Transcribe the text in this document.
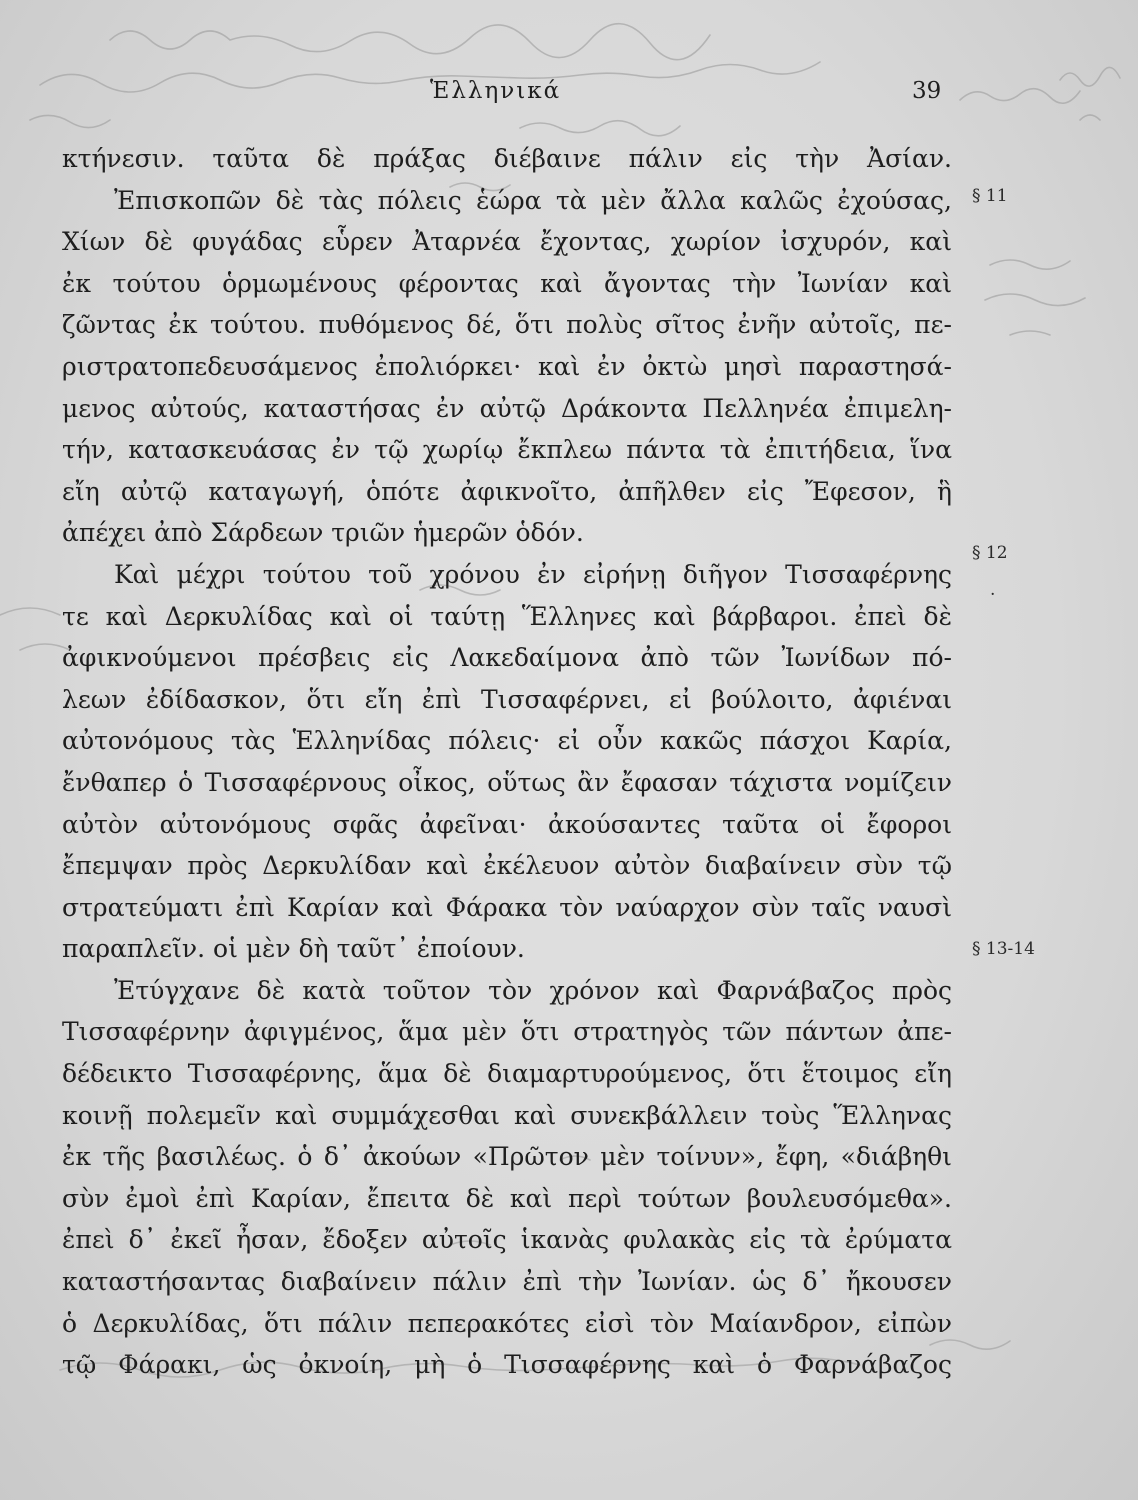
Ἑλληνικά	39
κτήνεσιν. ταῦτα δὲ πράξας διέβαινε πάλιν εἰς τὴν Ἀσίαν.
Ἐπισκοπῶν δὲ τὰς πόλεις ἑώρα τὰ μὲν ἄλλα καλῶς ἐχούσας,
Χίων δὲ φυγάδας εὗρεν Ἀταρνέα ἔχοντας, χωρίον ἰσχυρόν, καὶ
ἐκ τούτου ὁρμωμένους φέροντας καὶ ἄγοντας τὴν Ἰωνίαν καὶ
ζῶντας ἐκ τούτου. πυθόμενος δέ, ὅτι πολὺς σῖτος ἐνῆν αὐτοῖς, πε-
ριστρατοπεδευσάμενος ἐπολιόρκει· καὶ ἐν ὀκτὼ μησὶ παραστησά-
μενος αὐτούς, καταστήσας ἐν αὐτῷ Δράκοντα Πελληνέα ἐπιμελη-
τήν, κατασκευάσας ἐν τῷ χωρίῳ ἔκπλεω πάντα τὰ ἐπιτήδεια, ἵνα
εἴη αὐτῷ καταγωγή, ὁπότε ἀφικνοῖτο, ἀπῆλθεν εἰς Ἔφεσον, ἣ
ἀπέχει ἀπὸ Σάρδεων τριῶν ἡμερῶν ὁδόν.
Καὶ μέχρι τούτου τοῦ χρόνου ἐν εἰρήνῃ διῆγον Τισσαφέρνης
τε καὶ Δερκυλίδας καὶ οἱ ταύτῃ Ἕλληνες καὶ βάρβαροι. ἐπεὶ δὲ
ἀφικνούμενοι πρέσβεις εἰς Λακεδαίμονα ἀπὸ τῶν Ἰωνίδων πό-
λεων ἐδίδασκον, ὅτι εἴη ἐπὶ Τισσαφέρνει, εἰ βούλοιτο, ἀφιέναι
αὐτονόμους τὰς Ἑλληνίδας πόλεις· εἰ οὖν κακῶς πάσχοι Καρία,
ἔνθαπερ ὁ Τισσαφέρνους οἶκος, οὕτως ἂν ἔφασαν τάχιστα νομίζειν
αὐτὸν αὐτονόμους σφᾶς ἀφεῖναι· ἀκούσαντες ταῦτα οἱ ἔφοροι
ἔπεμψαν πρὸς Δερκυλίδαν καὶ ἐκέλευον αὐτὸν διαβαίνειν σὺν τῷ
στρατεύματι ἐπὶ Καρίαν καὶ Φάρακα τὸν ναύαρχον σὺν ταῖς ναυσὶ
παραπλεῖν. οἱ μὲν δὴ ταῦτ᾽ ἐποίουν.
Ἐτύγχανε δὲ κατὰ τοῦτον τὸν χρόνον καὶ Φαρνάβαζος πρὸς
Τισσαφέρνην ἀφιγμένος, ἅμα μὲν ὅτι στρατηγὸς τῶν πάντων ἀπε-
δέδεικτο Τισσαφέρνης, ἅμα δὲ διαμαρτυρούμενος, ὅτι ἕτοιμος εἴη
κοινῇ πολεμεῖν καὶ συμμάχεσθαι καὶ συνεκβάλλειν τοὺς Ἕλληνας
ἐκ τῆς βασιλέως. ὁ δ᾽ ἀκούων «Πρῶτον μὲν τοίνυν», ἔφη, «διάβηθι
σὺν ἐμοὶ ἐπὶ Καρίαν, ἔπειτα δὲ καὶ περὶ τούτων βουλευσόμεθα».
ἐπεὶ δ᾽ ἐκεῖ ἦσαν, ἔδοξεν αὐτοῖς ἱκανὰς φυλακὰς εἰς τὰ ἐρύματα
καταστήσαντας διαβαίνειν πάλιν ἐπὶ τὴν Ἰωνίαν. ὡς δ᾽ ἤκουσεν
ὁ Δερκυλίδας, ὅτι πάλιν πεπερακότες εἰσὶ τὸν Μαίανδρον, εἰπὼν
τῷ Φάρακι, ὡς ὀκνοίη, μὴ ὁ Τισσαφέρνης καὶ ὁ Φαρνάβαζος
§ 11
§ 12
.
§ 13-14
